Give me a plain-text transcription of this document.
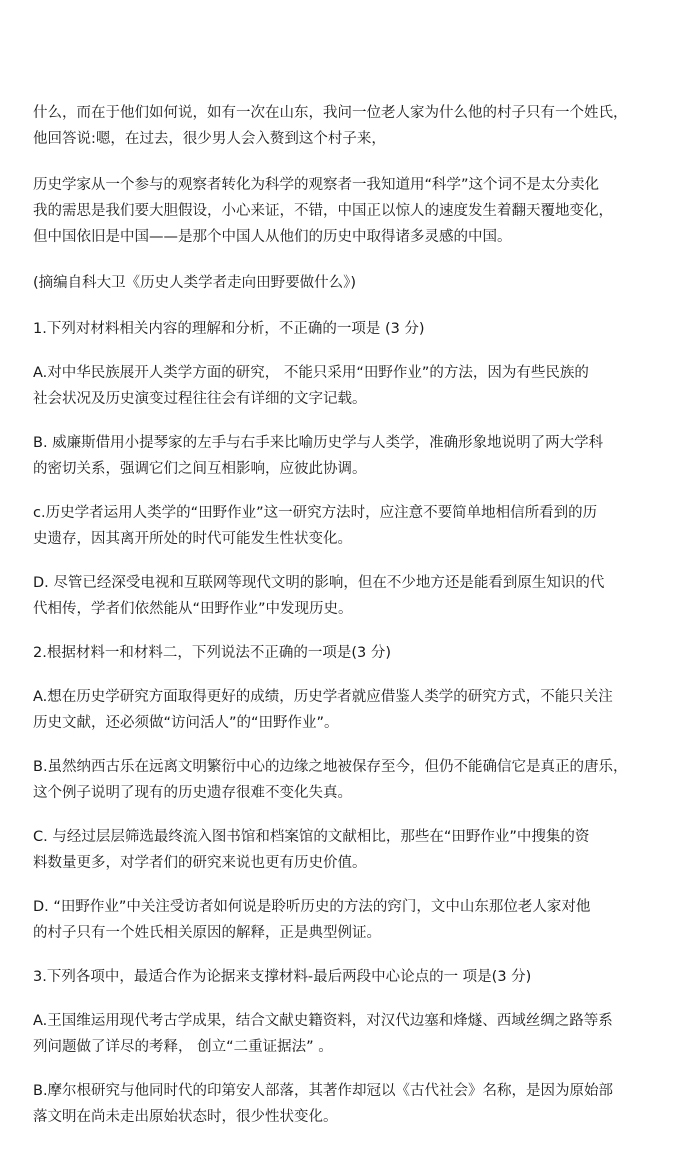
什么，而在于他们如何说，如有一次在山东，我问一位老人家为什么他的村子只有一个姓氏，
他回答说:嗯，在过去，很少男人会入赘到这个村子来，

历史学家从一个参与的观察者转化为科学的观察者一我知道用“科学”这个词不是太分卖化
我的需思是我们要大胆假设，小心来证，不错，中国正以惊人的速度发生着翻天覆地变化，
但中国依旧是中国——是那个中国人从他们的历史中取得诸多灵感的中国。

(摘编自科大卫《历史人类学者走向田野要做什么》)

1.下列对材料相关内容的理解和分析，不正确的一项是 (3 分)

A.对中华民族展开人类学方面的研究， 不能只采用“田野作业”的方法，因为有些民族的
社会状况及历史演变过程往往会有详细的文字记载。

B. 威廉斯借用小提琴家的左手与右手来比喻历史学与人类学，准确形象地说明了两大学科
的密切关系，强调它们之间互相影响，应彼此协调。

c.历史学者运用人类学的“田野作业”这一研究方法时，应注意不要简单地相信所看到的历
史遗存，因其离开所处的时代可能发生性状变化。

D. 尽管已经深受电视和互联网等现代文明的影响，但在不少地方还是能看到原生知识的代
代相传，学者们依然能从“田野作业”中发现历史。

2.根据材料一和材料二，下列说法不正确的一项是(3 分)

A.想在历史学研究方面取得更好的成绩，历史学者就应借鉴人类学的研究方式，不能只关注
历史文献，还必须做“访问活人”的“田野作业”。

B.虽然纳西古乐在远离文明繁衍中心的边缘之地被保存至今，但仍不能确信它是真正的唐乐，
这个例子说明了现有的历史遗存很难不变化失真。

C. 与经过层层筛选最终流入图书馆和档案馆的文献相比，那些在“田野作业”中搜集的资
料数量更多，对学者们的研究来说也更有历史价值。

D. “田野作业”中关注受访者如何说是聆听历史的方法的窍门，文中山东那位老人家对他
的村子只有一个姓氏相关原因的解释，正是典型例证。

3.下列各项中，最适合作为论据来支撑材料-最后两段中心论点的一 项是(3 分)

A.王国维运用现代考古学成果，结合文献史籍资料，对汉代边塞和烽燧、西域丝绸之路等系
列问题做了详尽的考释， 创立“二重证据法” 。

B.摩尔根研究与他同时代的印第安人部落，其著作却冠以《古代社会》名称，是因为原始部
落文明在尚未走出原始状态时，很少性状变化。
